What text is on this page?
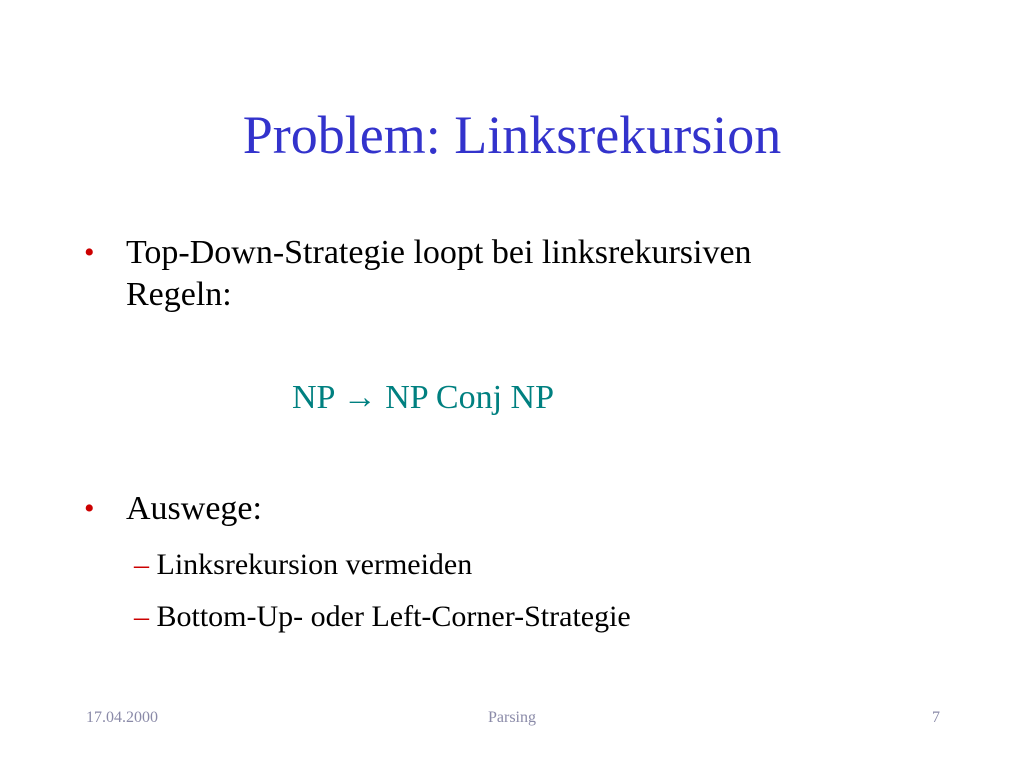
Problem: Linksrekursion
• Top-Down-Strategie loopt bei linksrekursiven Regeln:
NP → NP Conj NP
• Auswege:
– Linksrekursion vermeiden
– Bottom-Up- oder Left-Corner-Strategie
17.04.2000	Parsing	7
